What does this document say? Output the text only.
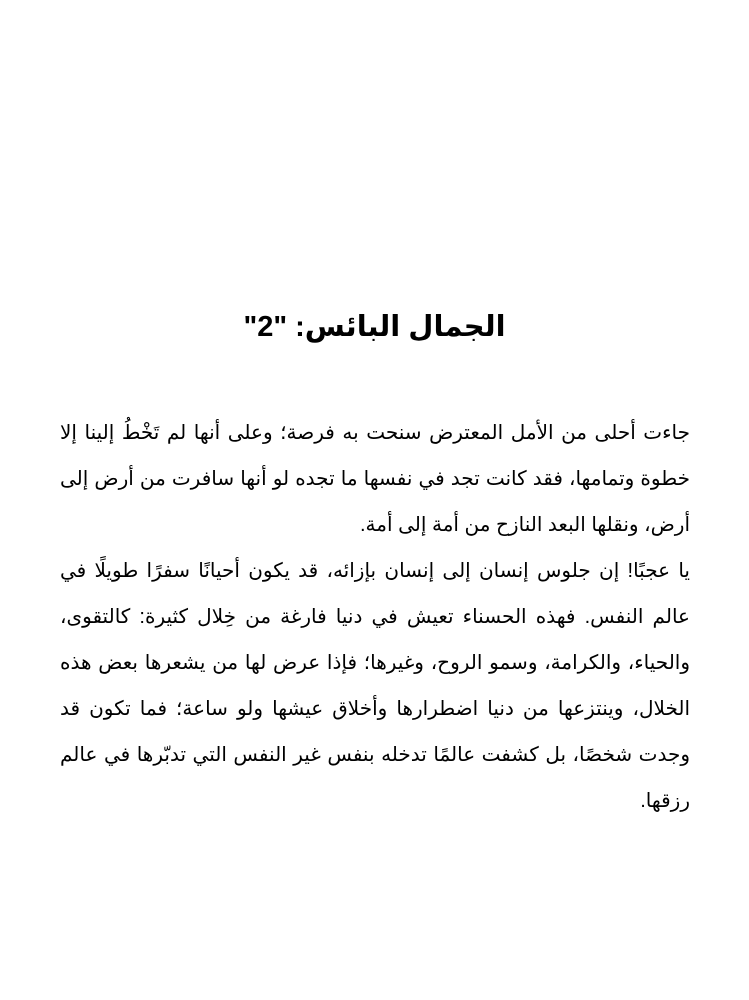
الجمال البائس: "2"

جاءت أحلى من الأمل المعترض سنحت به فرصة؛ وعلى أنها لم تَخْطُ إلينا إلا خطوة وتمامها، فقد كانت تجد في نفسها ما تجده لو أنها سافرت من أرض إلى أرض، ونقلها البعد النازح من أمة إلى أمة.

يا عجبًا! إن جلوس إنسان إلى إنسان بإزائه، قد يكون أحيانًا سفرًا طويلًا في عالم النفس. فهذه الحسناء تعيش في دنيا فارغة من خِلال كثيرة: كالتقوى، والحياء، والكرامة، وسمو الروح، وغيرها؛ فإذا عرض لها من يشعرها بعض هذه الخلال، وينتزعها من دنيا اضطرارها وأخلاق عيشها ولو ساعة؛ فما تكون قد وجدت شخصًا، بل كشفت عالمًا تدخله بنفس غير النفس التي تدبّرها في عالم رزقها.
